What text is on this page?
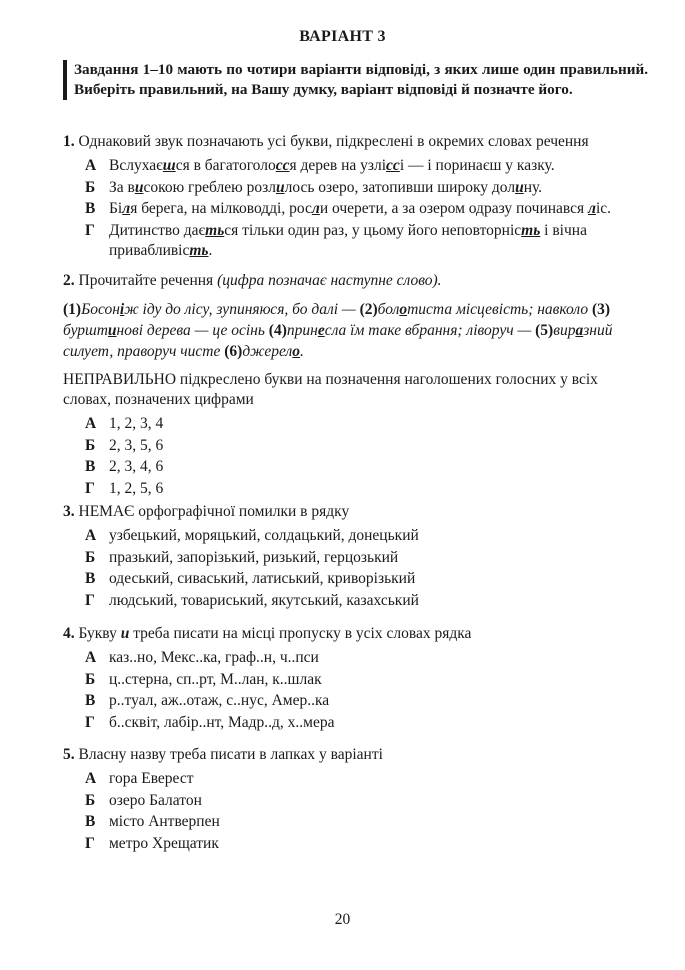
ВАРІАНТ 3
Завдання 1–10 мають по чотири варіанти відповіді, з яких лише один правильний. Виберіть правильний, на Вашу думку, варіант відповіді й позначте його.

1. Однаковий звук позначають усі букви, підкреслені в окремих словах речення

А Вслухаєшся в багатоголосся дерев на узліссі — і поринаєш у казку.
Б За високою греблею розлилось озеро, затопивши широку долину.
В Біля берега, на мілководді, росли очерети, а за озером одразу починався ліс.
Г Дитинство дається тільки один раз, у цьому його неповторність і вічна привабливість.

2. Прочитайте речення (цифра позначає наступне слово).

(1)Босоніж іду до лісу, зупиняюся, бо далі — (2)болотиста місцевість; навколо (3) бурштинові дерева — це осінь (4)принесла їм таке вбрання; ліворуч — (5)виразний силует, праворуч чисте (6)джерело.

НЕПРАВИЛЬНО підкреслено букви на позначення наголошених голосних у всіх словах, позначених цифрами

А 1, 2, 3, 4
Б 2, 3, 5, 6
В 2, 3, 4, 6
Г 1, 2, 5, 6

3. НЕМАЄ орфографічної помилки в рядку

А узбецький, моряцький, солдацький, донецький
Б празький, запорізький, ризький, герцозький
В одеський, сиваський, латиський, криворізький
Г людський, товариський, якутський, казахський

4. Букву и треба писати на місці пропуску в усіх словах рядка

А каз..но, Мекс..ка, граф..н, ч..пси
Б ц..стерна, сп..рт, М..лан, к..шлак
В р..туал, аж..отаж, с..нус, Амер..ка
Г б..сквіт, лабір..нт, Мадр..д, х..мера

5. Власну назву треба писати в лапках у варіанті

А гора Еверест
Б озеро Балатон
В місто Антверпен
Г метро Хрещатик
20
